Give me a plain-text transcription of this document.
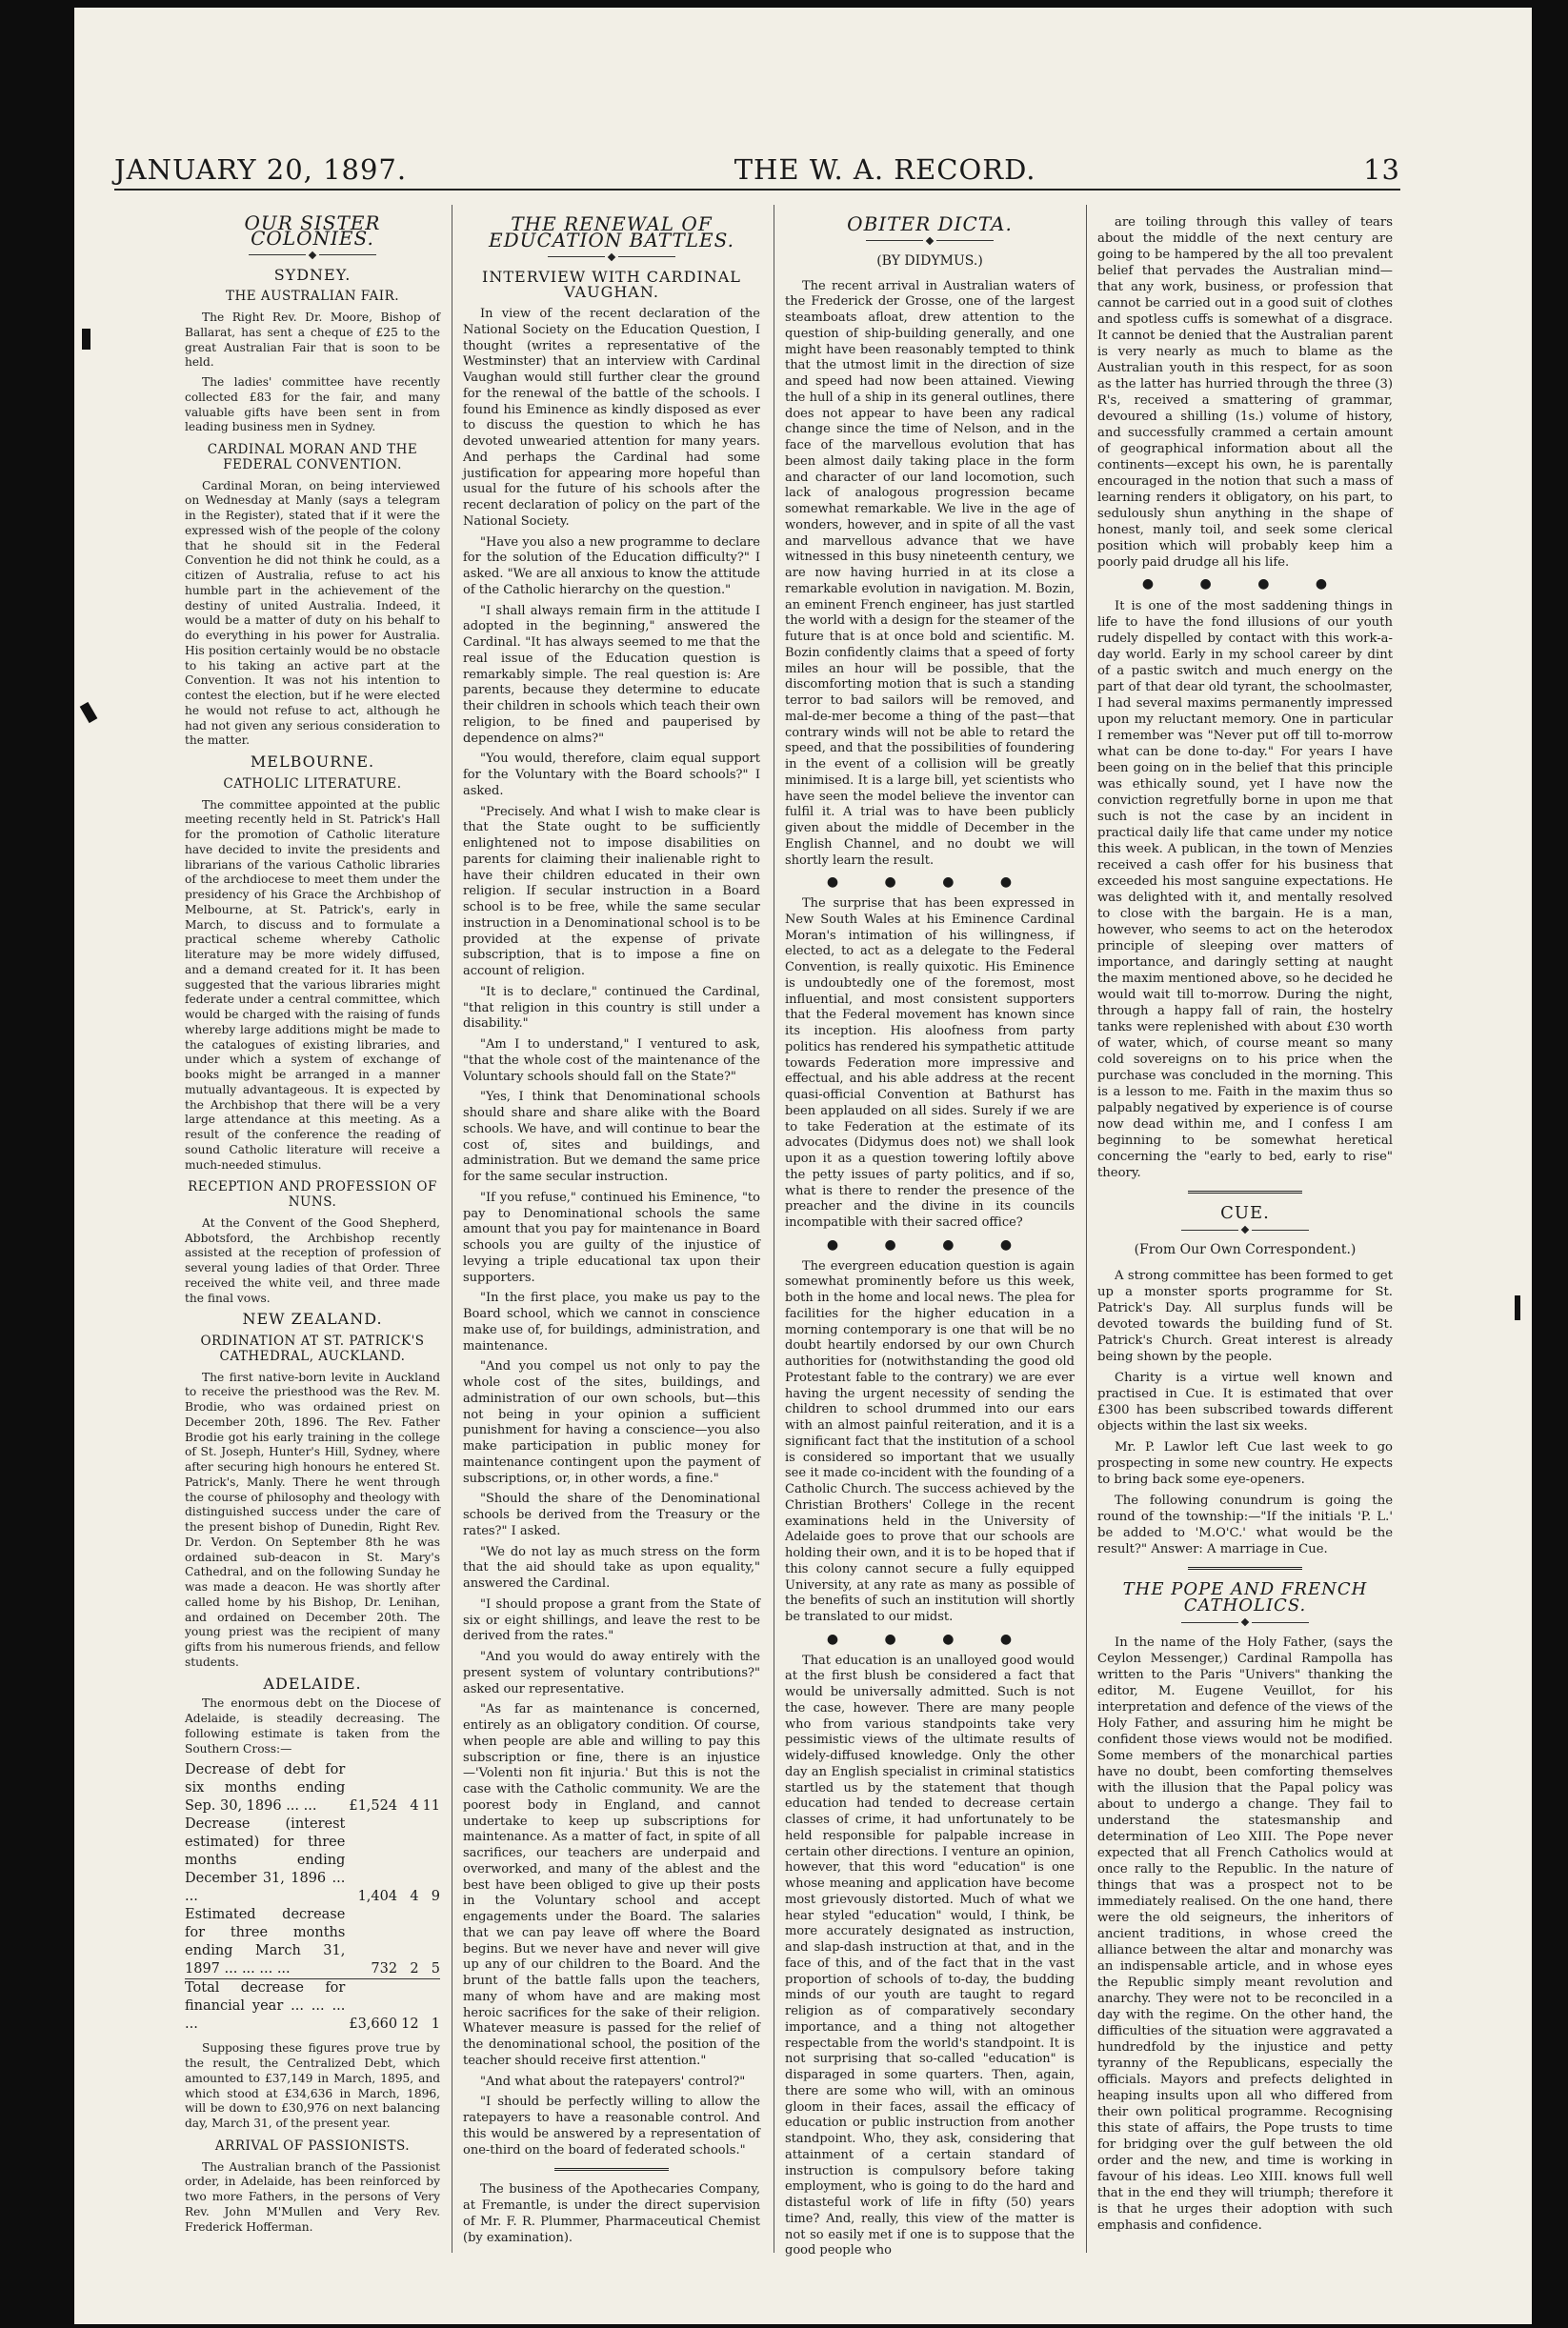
JANUARY 20, 1897.	THE W. A. RECORD.	13
OUR SISTER COLONIES.
SYDNEY.
THE AUSTRALIAN FAIR.

The Right Rev. Dr. Moore, Bishop of Ballarat, has sent a cheque of £25 to the great Australian Fair that is soon to be held.

The ladies' committee have recently collected £83 for the fair, and many valuable gifts have been sent in from leading business men in Sydney.

CARDINAL MORAN AND THE FEDERAL CONVENTION.

Cardinal Moran, on being interviewed on Wednesday at Manly (says a telegram in the Register), stated that if it were the expressed wish of the people of the colony that he should sit in the Federal Convention he did not think he could, as a citizen of Australia, refuse to act his humble part in the achievement of the destiny of united Australia. Indeed, it would be a matter of duty on his behalf to do everything in his power for Australia. His position certainly would be no obstacle to his taking an active part at the Convention. It was not his intention to contest the election, but if he were elected he would not refuse to act, although he had not given any serious consideration to the matter.

MELBOURNE.
CATHOLIC LITERATURE.

The committee appointed at the public meeting recently held in St. Patrick's Hall for the promotion of Catholic literature have decided to invite the presidents and librarians of the various Catholic libraries of the archdiocese to meet them under the presidency of his Grace the Archbishop of Melbourne, at St. Patrick's, early in March, to discuss and to formulate a practical scheme whereby Catholic literature may be more widely diffused, and a demand created for it. It has been suggested that the various libraries might federate under a central committee, which would be charged with the raising of funds whereby large additions might be made to the catalogues of existing libraries, and under which a system of exchange of books might be arranged in a manner mutually advantageous. It is expected by the Archbishop that there will be a very large attendance at this meeting. As a result of the conference the reading of sound Catholic literature will receive a much-needed stimulus.

RECEPTION AND PROFESSION OF NUNS.

At the Convent of the Good Shepherd, Abbotsford, the Archbishop recently assisted at the reception of profession of several young ladies of that Order. Three received the white veil, and three made the final vows.

NEW ZEALAND.
ORDINATION AT ST. PATRICK'S CATHEDRAL, AUCKLAND.

The first native-born levite in Auckland to receive the priesthood was the Rev. M. Brodie, who was ordained priest on December 20th, 1896. The Rev. Father Brodie got his early training in the college of St. Joseph, Hunter's Hill, Sydney, where after securing high honours he entered St. Patrick's, Manly. There he went through the course of philosophy and theology with distinguished success under the care of the present bishop of Dunedin, Right Rev. Dr. Verdon. On September 8th he was ordained sub-deacon in St. Mary's Cathedral, and on the following Sunday he was made a deacon. He was shortly after called home by his Bishop, Dr. Lenihan, and ordained on December 20th. The young priest was the recipient of many gifts from his numerous friends, and fellow students.

ADELAIDE.

The enormous debt on the Diocese of Adelaide, is steadily decreasing. The following estimate is taken from the Southern Cross:—

Decrease of debt for six months ending Sep. 30, 1896 ... ...	£1,524	4	11
Decrease (interest estimated) for three months ending December 31, 1896 ... ...	1,404	4	9
Estimated decrease for three months ending March 31, 1897 ... ... ... ...	732	2	5
Total decrease for financial year ... ... ... ...	£3,660	12	1

Supposing these figures prove true by the result, the Centralized Debt, which amounted to £37,149 in March, 1895, and which stood at £34,636 in March, 1896, will be down to £30,976 on next balancing day, March 31, of the present year.

ARRIVAL OF PASSIONISTS.

The Australian branch of the Passionist order, in Adelaide, has been reinforced by two more Fathers, in the persons of Very Rev. John M'Mullen and Very Rev. Frederick Hofferman.

THE RENEWAL OF EDUCATION BATTLES.
INTERVIEW WITH CARDINAL VAUGHAN.

In view of the recent declaration of the National Society on the Education Question, I thought (writes a representative of the Westminster) that an interview with Cardinal Vaughan would still further clear the ground for the renewal of the battle of the schools. I found his Eminence as kindly disposed as ever to discuss the question to which he has devoted unwearied attention for many years. And perhaps the Cardinal had some justification for appearing more hopeful than usual for the future of his schools after the recent declaration of policy on the part of the National Society.

"Have you also a new programme to declare for the solution of the Education difficulty?" I asked. "We are all anxious to know the attitude of the Catholic hierarchy on the question."

"I shall always remain firm in the attitude I adopted in the beginning," answered the Cardinal. "It has always seemed to me that the real issue of the Education question is remarkably simple. The real question is: Are parents, because they determine to educate their children in schools which teach their own religion, to be fined and pauperised by dependence on alms?"

"You would, therefore, claim equal support for the Voluntary with the Board schools?" I asked.

"Precisely. And what I wish to make clear is that the State ought to be sufficiently enlightened not to impose disabilities on parents for claiming their inalienable right to have their children educated in their own religion. If secular instruction in a Board school is to be free, while the same secular instruction in a Denominational school is to be provided at the expense of private subscription, that is to impose a fine on account of religion.

"It is to declare," continued the Cardinal, "that religion in this country is still under a disability."

"Am I to understand," I ventured to ask, "that the whole cost of the maintenance of the Voluntary schools should fall on the State?"

"Yes, I think that Denominational schools should share and share alike with the Board schools. We have, and will continue to bear the cost of, sites and buildings, and administration. But we demand the same price for the same secular instruction.

"If you refuse," continued his Eminence, "to pay to Denominational schools the same amount that you pay for maintenance in Board schools you are guilty of the injustice of levying a triple educational tax upon their supporters.

"In the first place, you make us pay to the Board school, which we cannot in conscience make use of, for buildings, administration, and maintenance.

"And you compel us not only to pay the whole cost of the sites, buildings, and administration of our own schools, but—this not being in your opinion a sufficient punishment for having a conscience—you also make participation in public money for maintenance contingent upon the payment of subscriptions, or, in other words, a fine."

"Should the share of the Denominational schools be derived from the Treasury or the rates?" I asked.

"We do not lay as much stress on the form that the aid should take as upon equality," answered the Cardinal.

"I should propose a grant from the State of six or eight shillings, and leave the rest to be derived from the rates."

"And you would do away entirely with the present system of voluntary contributions?" asked our representative.

"As far as maintenance is concerned, entirely as an obligatory condition. Of course, when people are able and willing to pay this subscription or fine, there is an injustice—'Volenti non fit injuria.' But this is not the case with the Catholic community. We are the poorest body in England, and cannot undertake to keep up subscriptions for maintenance. As a matter of fact, in spite of all sacrifices, our teachers are underpaid and overworked, and many of the ablest and the best have been obliged to give up their posts in the Voluntary school and accept engagements under the Board. The salaries that we can pay leave off where the Board begins. But we never have and never will give up any of our children to the Board. And the brunt of the battle falls upon the teachers, many of whom have and are making most heroic sacrifices for the sake of their religion. Whatever measure is passed for the relief of the denominational school, the position of the teacher should receive first attention."

"And what about the ratepayers' control?"

"I should be perfectly willing to allow the ratepayers to have a reasonable control. And this would be answered by a representation of one-third on the board of federated schools."

The business of the Apothecaries Company, at Fremantle, is under the direct supervision of Mr. F. R. Plummer, Pharmaceutical Chemist (by examination).

OBITER DICTA.
(BY DIDYMUS.)

The recent arrival in Australian waters of the Frederick der Grosse, one of the largest steamboats afloat, drew attention to the question of ship-building generally, and one might have been reasonably tempted to think that the utmost limit in the direction of size and speed had now been attained. Viewing the hull of a ship in its general outlines, there does not appear to have been any radical change since the time of Nelson, and in the face of the marvellous evolution that has been almost daily taking place in the form and character of our land locomotion, such lack of analogous progression became somewhat remarkable. We live in the age of wonders, however, and in spite of all the vast and marvellous advance that we have witnessed in this busy nineteenth century, we are now having hurried in at its close a remarkable evolution in navigation. M. Bozin, an eminent French engineer, has just startled the world with a design for the steamer of the future that is at once bold and scientific. M. Bozin confidently claims that a speed of forty miles an hour will be possible, that the discomforting motion that is such a standing terror to bad sailors will be removed, and mal-de-mer become a thing of the past—that contrary winds will not be able to retard the speed, and that the possibilities of foundering in the event of a collision will be greatly minimised. It is a large bill, yet scientists who have seen the model believe the inventor can fulfil it. A trial was to have been publicly given about the middle of December in the English Channel, and no doubt we will shortly learn the result.

● ● ● ●

The surprise that has been expressed in New South Wales at his Eminence Cardinal Moran's intimation of his willingness, if elected, to act as a delegate to the Federal Convention, is really quixotic. His Eminence is undoubtedly one of the foremost, most influential, and most consistent supporters that the Federal movement has known since its inception. His aloofness from party politics has rendered his sympathetic attitude towards Federation more impressive and effectual, and his able address at the recent quasi-official Convention at Bathurst has been applauded on all sides. Surely if we are to take Federation at the estimate of its advocates (Didymus does not) we shall look upon it as a question towering loftily above the petty issues of party politics, and if so, what is there to render the presence of the preacher and the divine in its councils incompatible with their sacred office?

● ● ● ●

The evergreen education question is again somewhat prominently before us this week, both in the home and local news. The plea for facilities for the higher education in a morning contemporary is one that will be no doubt heartily endorsed by our own Church authorities for (notwithstanding the good old Protestant fable to the contrary) we are ever having the urgent necessity of sending the children to school drummed into our ears with an almost painful reiteration, and it is a significant fact that the institution of a school is considered so important that we usually see it made co-incident with the founding of a Catholic Church. The success achieved by the Christian Brothers' College in the recent examinations held in the University of Adelaide goes to prove that our schools are holding their own, and it is to be hoped that if this colony cannot secure a fully equipped University, at any rate as many as possible of the benefits of such an institution will shortly be translated to our midst.

● ● ● ●

That education is an unalloyed good would at the first blush be considered a fact that would be universally admitted. Such is not the case, however. There are many people who from various standpoints take very pessimistic views of the ultimate results of widely-diffused knowledge. Only the other day an English specialist in criminal statistics startled us by the statement that though education had tended to decrease certain classes of crime, it had unfortunately to be held responsible for palpable increase in certain other directions. I venture an opinion, however, that this word "education" is one whose meaning and application have become most grievously distorted. Much of what we hear styled "education" would, I think, be more accurately designated as instruction, and slap-dash instruction at that, and in the face of this, and of the fact that in the vast proportion of schools of to-day, the budding minds of our youth are taught to regard religion as of comparatively secondary importance, and a thing not altogether respectable from the world's standpoint. It is not surprising that so-called "education" is disparaged in some quarters. Then, again, there are some who will, with an ominous gloom in their faces, assail the efficacy of education or public instruction from another standpoint. Who, they ask, considering that attainment of a certain standard of instruction is compulsory before taking employment, who is going to do the hard and distasteful work of life in fifty (50) years time? And, really, this view of the matter is not so easily met if one is to suppose that the good people who

are toiling through this valley of tears about the middle of the next century are going to be hampered by the all too prevalent belief that pervades the Australian mind—that any work, business, or profession that cannot be carried out in a good suit of clothes and spotless cuffs is somewhat of a disgrace. It cannot be denied that the Australian parent is very nearly as much to blame as the Australian youth in this respect, for as soon as the latter has hurried through the three (3) R's, received a smattering of grammar, devoured a shilling (1s.) volume of history, and successfully crammed a certain amount of geographical information about all the continents—except his own, he is parentally encouraged in the notion that such a mass of learning renders it obligatory, on his part, to sedulously shun anything in the shape of honest, manly toil, and seek some clerical position which will probably keep him a poorly paid drudge all his life.

● ● ● ●

It is one of the most saddening things in life to have the fond illusions of our youth rudely dispelled by contact with this work-a-day world. Early in my school career by dint of a pastic switch and much energy on the part of that dear old tyrant, the schoolmaster, I had several maxims permanently impressed upon my reluctant memory. One in particular I remember was "Never put off till to-morrow what can be done to-day." For years I have been going on in the belief that this principle was ethically sound, yet I have now the conviction regretfully borne in upon me that such is not the case by an incident in practical daily life that came under my notice this week. A publican, in the town of Menzies received a cash offer for his business that exceeded his most sanguine expectations. He was delighted with it, and mentally resolved to close with the bargain. He is a man, however, who seems to act on the heterodox principle of sleeping over matters of importance, and daringly setting at naught the maxim mentioned above, so he decided he would wait till to-morrow. During the night, through a happy fall of rain, the hostelry tanks were replenished with about £30 worth of water, which, of course meant so many cold sovereigns on to his price when the purchase was concluded in the morning. This is a lesson to me. Faith in the maxim thus so palpably negatived by experience is of course now dead within me, and I confess I am beginning to be somewhat heretical concerning the "early to bed, early to rise" theory.

CUE.
(From Our Own Correspondent.)

A strong committee has been formed to get up a monster sports programme for St. Patrick's Day. All surplus funds will be devoted towards the building fund of St. Patrick's Church. Great interest is already being shown by the people.

Charity is a virtue well known and practised in Cue. It is estimated that over £300 has been subscribed towards different objects within the last six weeks.

Mr. P. Lawlor left Cue last week to go prospecting in some new country. He expects to bring back some eye-openers.

The following conundrum is going the round of the township:—"If the initials 'P. L.' be added to 'M.O'C.' what would be the result?" Answer: A marriage in Cue.

THE POPE AND FRENCH CATHOLICS.

In the name of the Holy Father, (says the Ceylon Messenger,) Cardinal Rampolla has written to the Paris "Univers" thanking the editor, M. Eugene Veuillot, for his interpretation and defence of the views of the Holy Father, and assuring him he might be confident those views would not be modified. Some members of the monarchical parties have no doubt, been comforting themselves with the illusion that the Papal policy was about to undergo a change. They fail to understand the statesmanship and determination of Leo XIII. The Pope never expected that all French Catholics would at once rally to the Republic. In the nature of things that was a prospect not to be immediately realised. On the one hand, there were the old seigneurs, the inheritors of ancient traditions, in whose creed the alliance between the altar and monarchy was an indispensable article, and in whose eyes the Republic simply meant revolution and anarchy. They were not to be reconciled in a day with the regime. On the other hand, the difficulties of the situation were aggravated a hundredfold by the injustice and petty tyranny of the Republicans, especially the officials. Mayors and prefects delighted in heaping insults upon all who differed from their own political programme. Recognising this state of affairs, the Pope trusts to time for bridging over the gulf between the old order and the new, and time is working in favour of his ideas. Leo XIII. knows full well that in the end they will triumph; therefore it is that he urges their adoption with such emphasis and confidence.
